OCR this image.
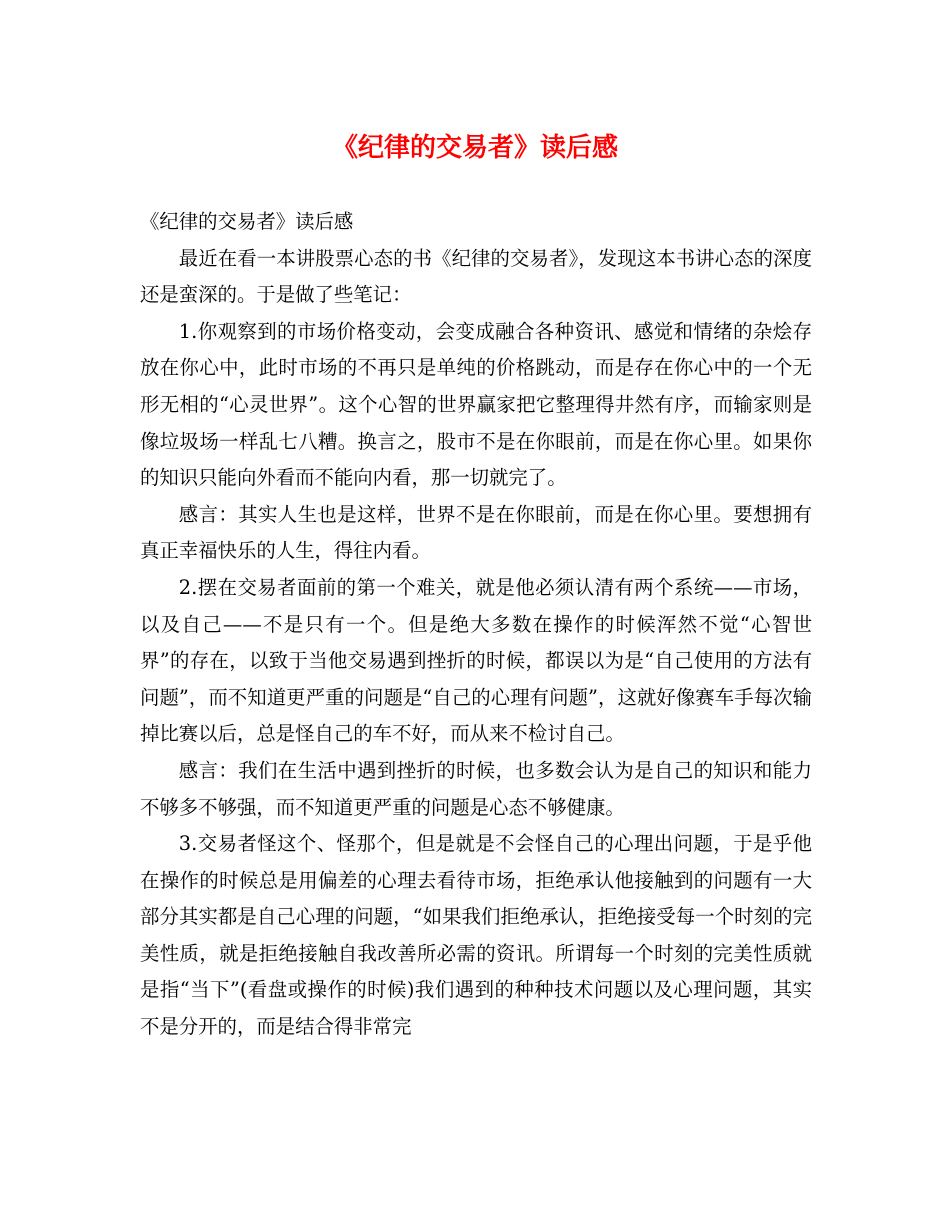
《纪律的交易者》读后感

《纪律的交易者》读后感

最近在看一本讲股票心态的书《纪律的交易者》，发现这本书讲心态的深度还是蛮深的。于是做了些笔记：

1.你观察到的市场价格变动，会变成融合各种资讯、感觉和情绪的杂烩存放在你心中，此时市场的不再只是单纯的价格跳动，而是存在你心中的一个无形无相的“心灵世界”。这个心智的世界赢家把它整理得井然有序，而输家则是像垃圾场一样乱七八糟。换言之，股市不是在你眼前，而是在你心里。如果你的知识只能向外看而不能向内看，那一切就完了。

感言：其实人生也是这样，世界不是在你眼前，而是在你心里。要想拥有真正幸福快乐的人生，得往内看。

2.摆在交易者面前的第一个难关，就是他必须认清有两个系统——市场，以及自己——不是只有一个。但是绝大多数在操作的时候浑然不觉“心智世界”的存在，以致于当他交易遇到挫折的时候，都误以为是“自己使用的方法有问题”，而不知道更严重的问题是“自己的心理有问题”，这就好像赛车手每次输掉比赛以后，总是怪自己的车不好，而从来不检讨自己。

感言：我们在生活中遇到挫折的时候，也多数会认为是自己的知识和能力不够多不够强，而不知道更严重的问题是心态不够健康。

3.交易者怪这个、怪那个，但是就是不会怪自己的心理出问题，于是乎他在操作的时候总是用偏差的心理去看待市场，拒绝承认他接触到的问题有一大部分其实都是自己心理的问题，“如果我们拒绝承认，拒绝接受每一个时刻的完美性质，就是拒绝接触自我改善所必需的资讯。所谓每一个时刻的完美性质就是指“当下”(看盘或操作的时候)我们遇到的种种技术问题以及心理问题，其实不是分开的，而是结合得非常完
